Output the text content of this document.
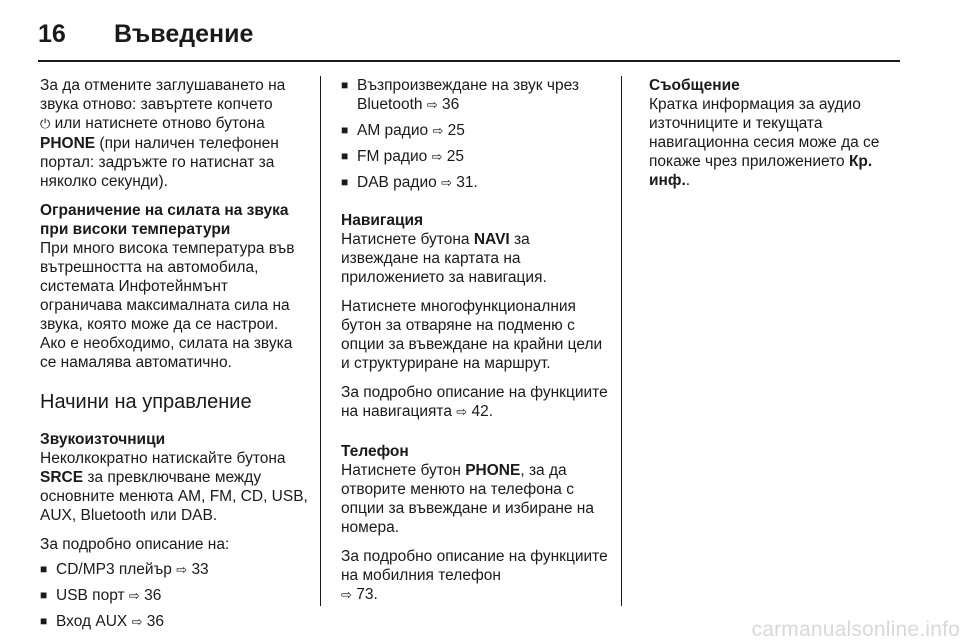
16	Въведение

За да отмените заглушаването на звука отново: завъртете копчето
⏻ или натиснете отново бутона PHONE (при наличен телефонен портал: задръжте го натиснат за няколко секунди).

Ограничение на силата на звука при високи температури

При много висока температура във вътрешността на автомобила, системата Инфотейнмънт ограничава максималната сила на звука, която може да се настрои. Ако е необходимо, силата на звука се намалява автоматично.

Начини на управление

Звукоизточници

Неколкократно натискайте бутона SRCE за превключване между основните менюта AM, FM, CD, USB, AUX, Bluetooth или DAB.

За подробно описание на:

■ CD/MP3 плейър ⇨ 33
■ USB порт ⇨ 36
■ Вход AUX ⇨ 36
■ Възпроизвеждане на звук чрез Bluetooth ⇨ 36
■ AM радио ⇨ 25
■ FM радио ⇨ 25
■ DAB радио ⇨ 31.

Навигация

Натиснете бутона NAVI за извеждане на картата на приложението за навигация.

Натиснете многофункционалния бутон за отваряне на подменю с опции за въвеждане на крайни цели и структуриране на маршрут.

За подробно описание на функциите на навигацията ⇨ 42.

Телефон

Натиснете бутон PHONE, за да отворите менюто на телефона с опции за въвеждане и избиране на номера.

За подробно описание на функциите на мобилния телефон
⇨ 73.

Съобщение

Кратка информация за аудио източниците и текущата навигационна сесия може да се покаже чрез приложението Кр. инф..

carmanualsonline.info
